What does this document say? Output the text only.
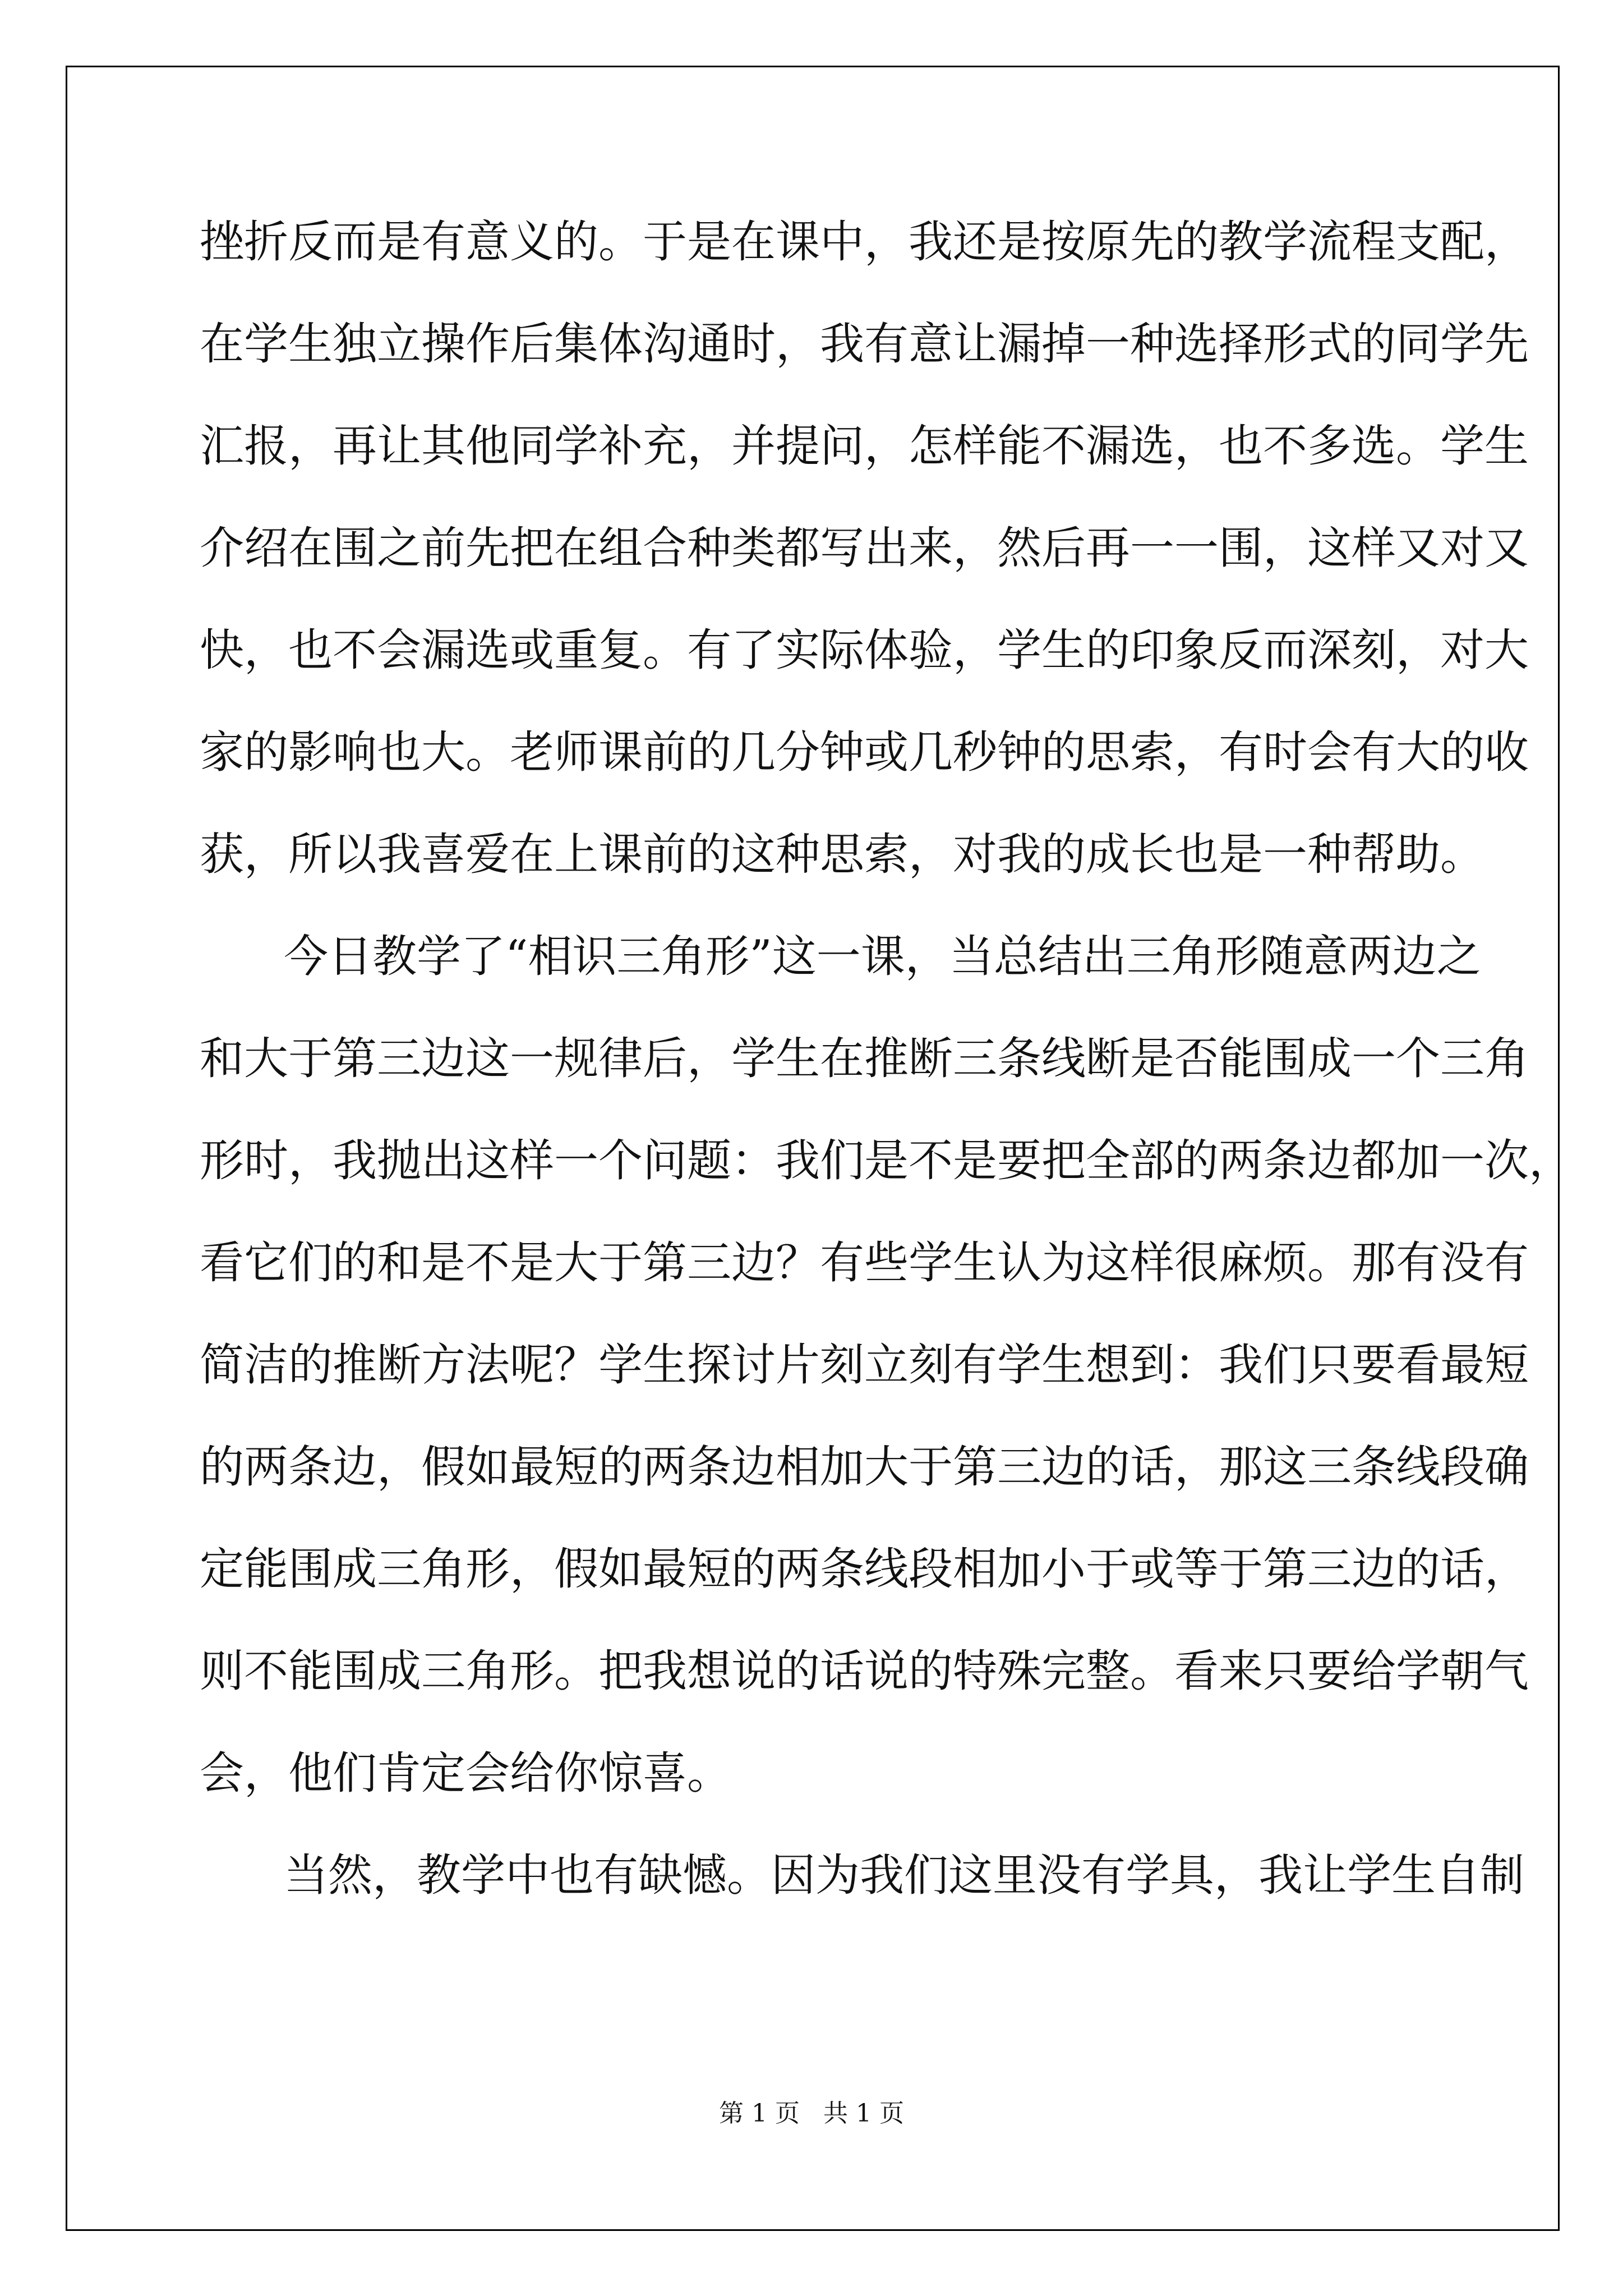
挫折反而是有意义的。于是在课中，我还是按原先的教学流程支配，
在学生独立操作后集体沟通时，我有意让漏掉一种选择形式的同学先
汇报，再让其他同学补充，并提问，怎样能不漏选，也不多选。学生
介绍在围之前先把在组合种类都写出来，然后再一一围，这样又对又
快，也不会漏选或重复。有了实际体验，学生的印象反而深刻，对大
家的影响也大。老师课前的几分钟或几秒钟的思索，有时会有大的收
获，所以我喜爱在上课前的这种思索，对我的成长也是一种帮助。
今日教学了“相识三角形”这一课，当总结出三角形随意两边之
和大于第三边这一规律后，学生在推断三条线断是否能围成一个三角
形时，我抛出这样一个问题：我们是不是要把全部的两条边都加一次，
看它们的和是不是大于第三边？有些学生认为这样很麻烦。那有没有
简洁的推断方法呢？学生探讨片刻立刻有学生想到：我们只要看最短
的两条边，假如最短的两条边相加大于第三边的话，那这三条线段确
定能围成三角形，假如最短的两条线段相加小于或等于第三边的话，
则不能围成三角形。把我想说的话说的特殊完整。看来只要给学朝气
会，他们肯定会给你惊喜。
当然，教学中也有缺憾。因为我们这里没有学具，我让学生自制
第 1 页 共 1 页
